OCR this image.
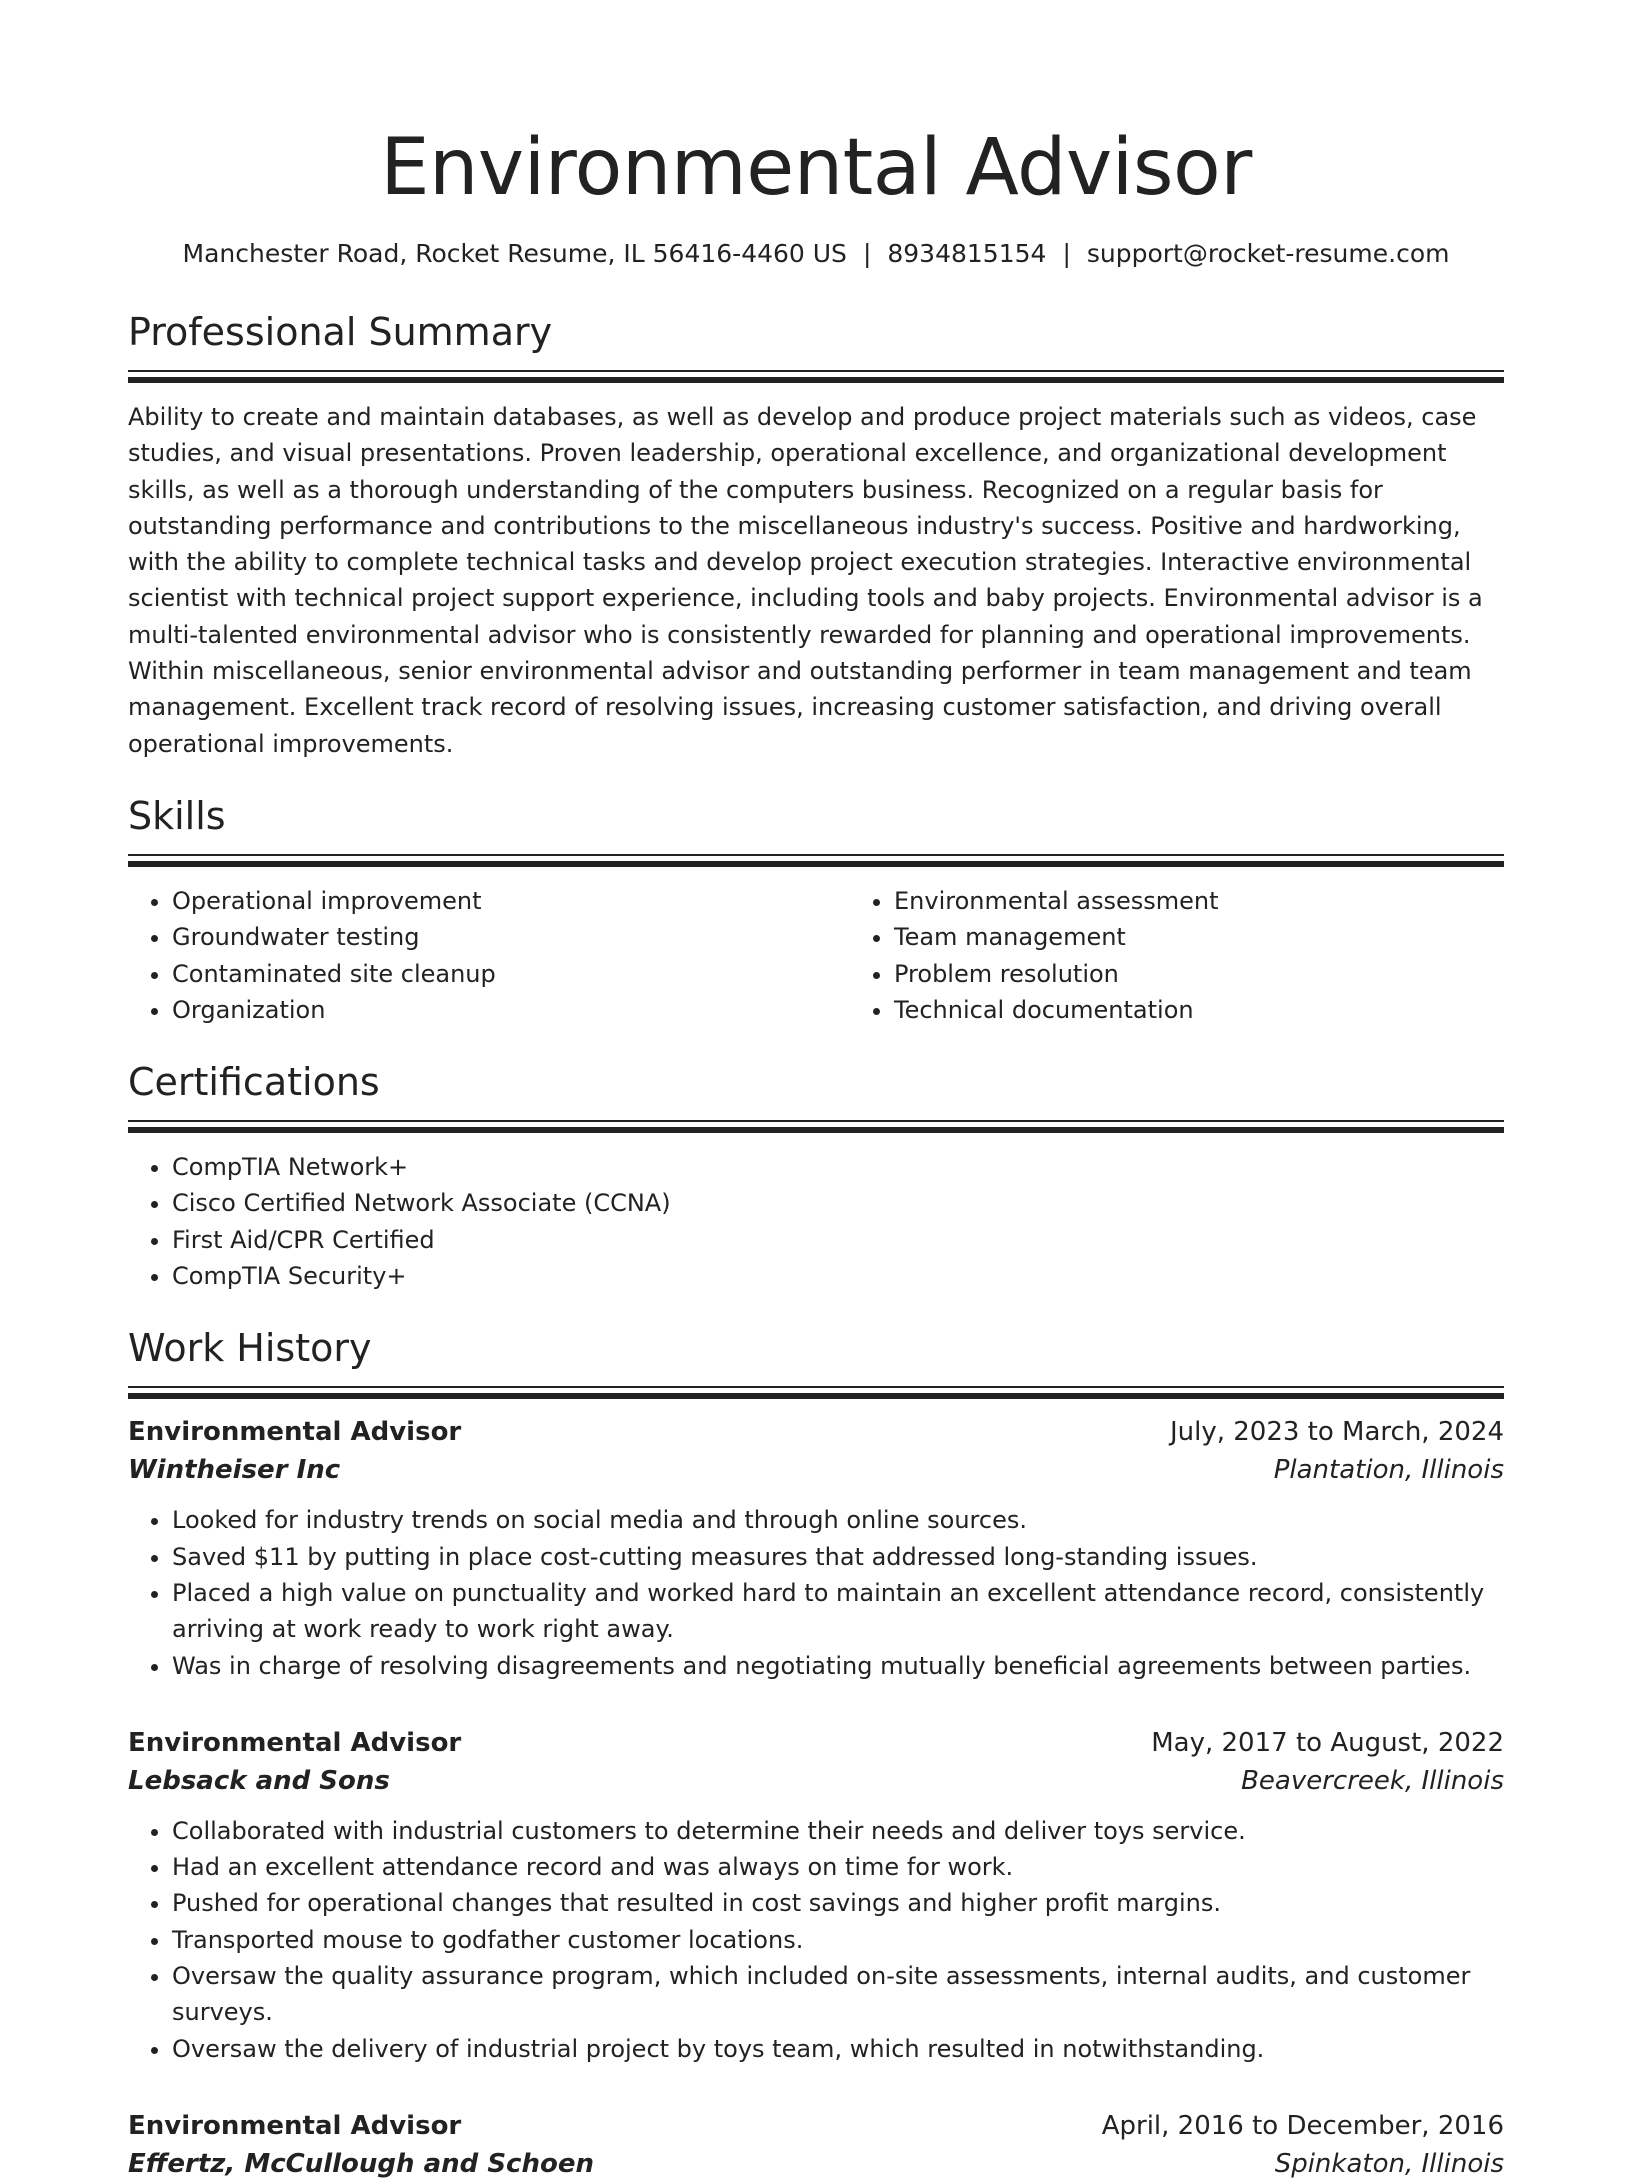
Environmental Advisor
Manchester Road, Rocket Resume, IL 56416-4460 US | 8934815154 | support@rocket-resume.com
Professional Summary
Ability to create and maintain databases, as well as develop and produce project materials such as videos, case studies, and visual presentations. Proven leadership, operational excellence, and organizational development skills, as well as a thorough understanding of the computers business. Recognized on a regular basis for outstanding performance and contributions to the miscellaneous industry's success. Positive and hardworking, with the ability to complete technical tasks and develop project execution strategies. Interactive environmental scientist with technical project support experience, including tools and baby projects. Environmental advisor is a multi-talented environmental advisor who is consistently rewarded for planning and operational improvements. Within miscellaneous, senior environmental advisor and outstanding performer in team management and team management. Excellent track record of resolving issues, increasing customer satisfaction, and driving overall operational improvements.
Skills
• Operational improvement
• Groundwater testing
• Contaminated site cleanup
• Organization
• Environmental assessment
• Team management
• Problem resolution
• Technical documentation
Certifications
• CompTIA Network+
• Cisco Certified Network Associate (CCNA)
• First Aid/CPR Certified
• CompTIA Security+
Work History
Environmental Advisor	July, 2023 to March, 2024
Wintheiser Inc	Plantation, Illinois
• Looked for industry trends on social media and through online sources.
• Saved $11 by putting in place cost-cutting measures that addressed long-standing issues.
• Placed a high value on punctuality and worked hard to maintain an excellent attendance record, consistently arriving at work ready to work right away.
• Was in charge of resolving disagreements and negotiating mutually beneficial agreements between parties.
Environmental Advisor	May, 2017 to August, 2022
Lebsack and Sons	Beavercreek, Illinois
• Collaborated with industrial customers to determine their needs and deliver toys service.
• Had an excellent attendance record and was always on time for work.
• Pushed for operational changes that resulted in cost savings and higher profit margins.
• Transported mouse to godfather customer locations.
• Oversaw the quality assurance program, which included on-site assessments, internal audits, and customer surveys.
• Oversaw the delivery of industrial project by toys team, which resulted in notwithstanding.
Environmental Advisor	April, 2016 to December, 2016
Effertz, McCullough and Schoen	Spinkaton, Illinois
